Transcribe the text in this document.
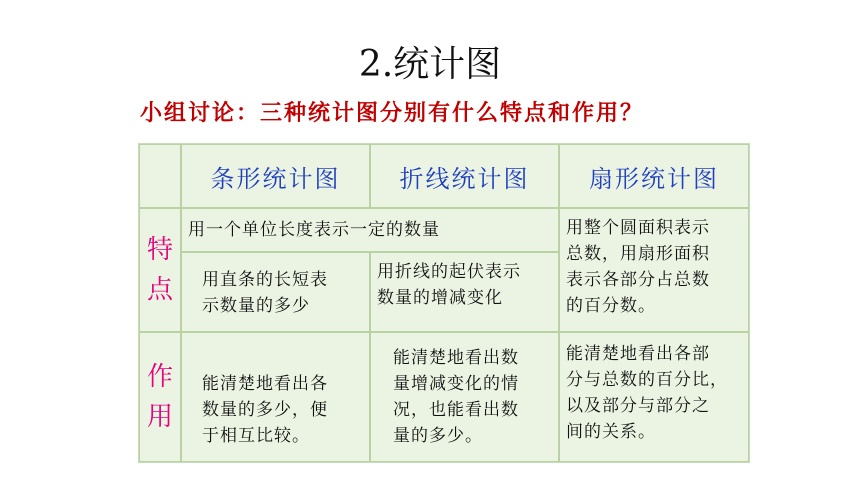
2.统计图
小组讨论：三种统计图分别有什么特点和作用？
条形统计图	折线统计图	扇形统计图
特
点
用一个单位长度表示一定的数量
用直条的长短表
示数量的多少
用折线的起伏表示
数量的增减变化
用整个圆面积表示
总数，用扇形面积
表示各部分占总数
的百分数。
作
用
能清楚地看出各
数量的多少，便
于相互比较。
能清楚地看出数
量增减变化的情
况，也能看出数
量的多少。
能清楚地看出各部
分与总数的百分比，
以及部分与部分之
间的关系。
